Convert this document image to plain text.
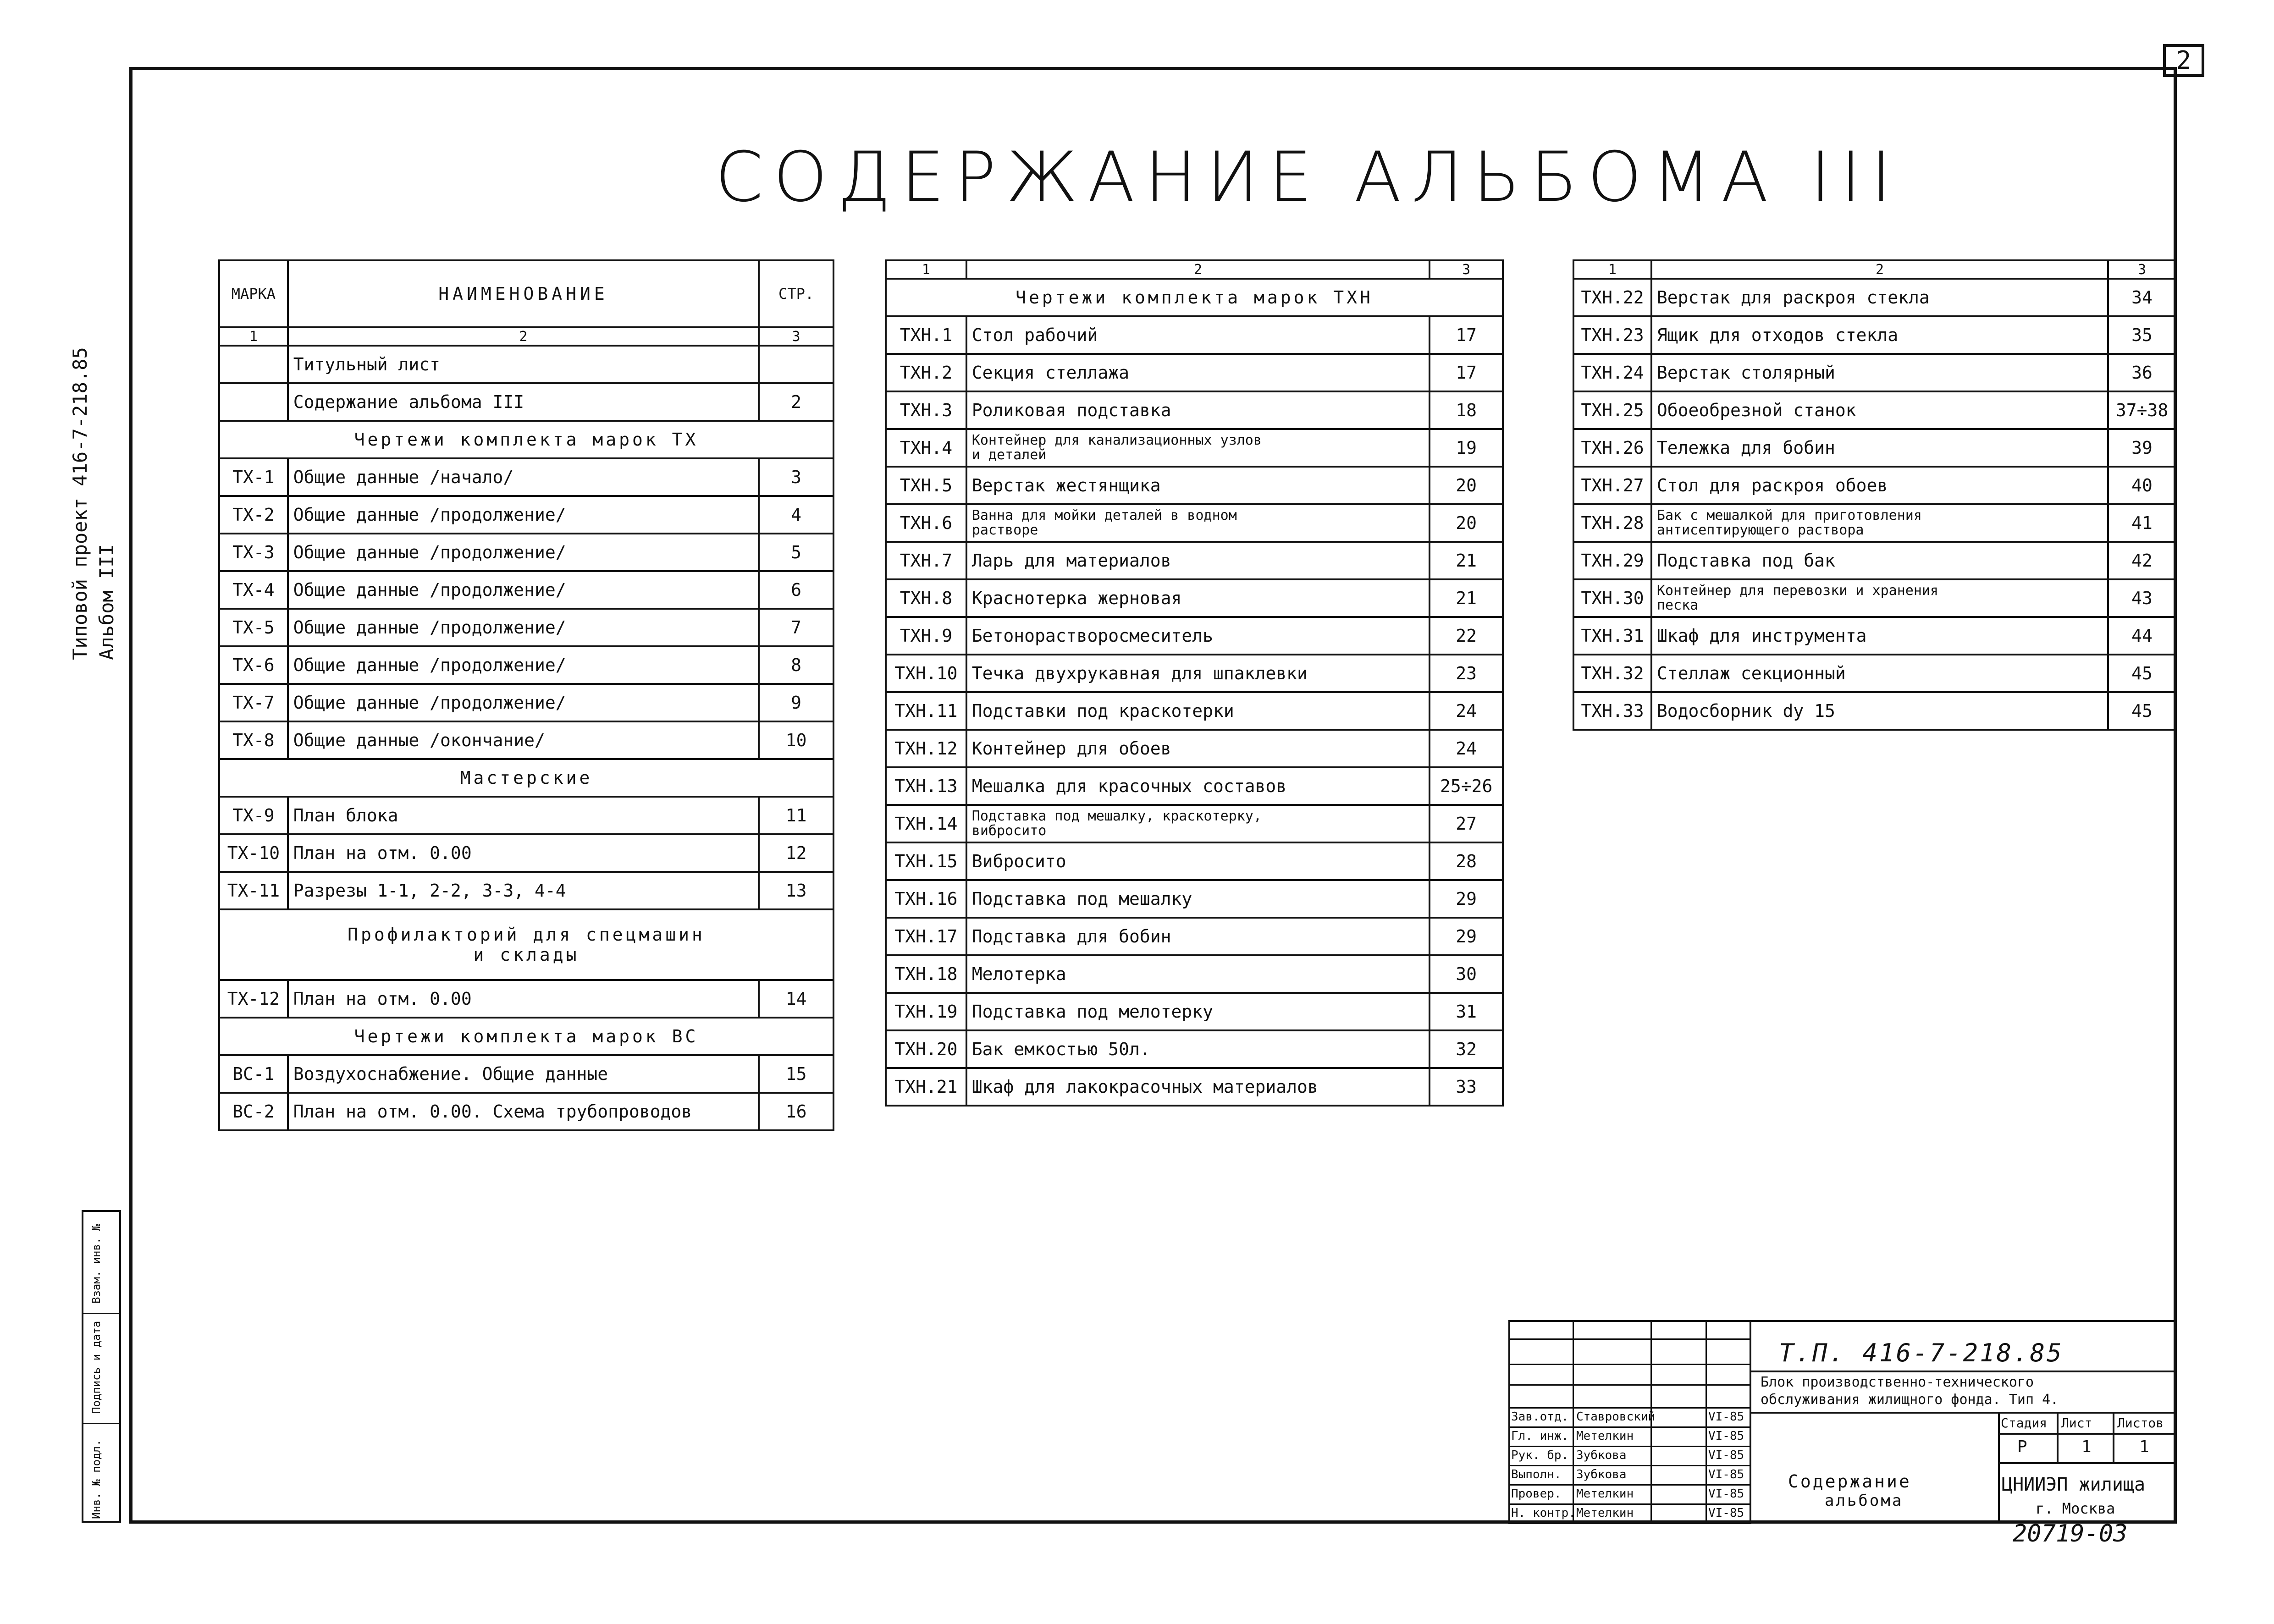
2
СОДЕРЖАНИЕ АЛЬБОМА III
Типовой проект 416-7-218.85 Альбом III
Взам. инв. №
Подпись и дата
Инв. № подл.
МАРКА	НАИМЕНОВАНИЕ	СТР.
1	2	3
	Титульный лист	
	Содержание альбома III	2

Чертежи комплекта марок ТХ		

ТХ-1	Общие данные /начало/	3
ТХ-2	Общие данные /продолжение/	4
ТХ-3	Общие данные /продолжение/	5
ТХ-4	Общие данные /продолжение/	6
ТХ-5	Общие данные /продолжение/	7
ТХ-6	Общие данные /продолжение/	8
ТХ-7	Общие данные /продолжение/	9
ТХ-8	Общие данные /окончание/	10

Мастерские		

ТХ-9	План блока	11
ТХ-10	План на отм. 0.00	12
ТХ-11	Разрезы 1-1, 2-2, 3-3, 4-4	13

Профилакторий для спецмашин
и склады		

ТХ-12	План на отм. 0.00	14

Чертежи комплекта марок ВС		

ВС-1	Воздухоснабжение. Общие данные	15
ВС-2	План на отм. 0.00. Схема трубопроводов	16
1	2	3

Чертежи комплекта марок ТХН		

ТХН.1	Стол рабочий	17
ТХН.2	Секция стеллажа	17
ТХН.3	Роликовая подставка	18
ТХН.4	Контейнер для канализационных узлов
и деталей	19
ТХН.5	Верстак жестянщика	20
ТХН.6	Ванна для мойки деталей в водном
растворе	20
ТХН.7	Ларь для материалов	21
ТХН.8	Краснотерка жерновая	21
ТХН.9	Бетонорастворосмеситель	22
ТХН.10	Течка двухрукавная для шпаклевки	23
ТХН.11	Подставки под краскотерки	24
ТХН.12	Контейнер для обоев	24
ТХН.13	Мешалка для красочных составов	25÷26
ТХН.14	Подставка под мешалку, краскотерку,
вибросито	27
ТХН.15	Вибросито	28
ТХН.16	Подставка под мешалку	29
ТХН.17	Подставка для бобин	29
ТХН.18	Мелотерка	30
ТХН.19	Подставка под мелотерку	31
ТХН.20	Бак емкостью 50л.	32
ТХН.21	Шкаф для лакокрасочных материалов	33
1	2	3
ТХН.22	Верстак для раскроя стекла	34
ТХН.23	Ящик для отходов стекла	35
ТХН.24	Верстак столярный	36
ТХН.25	Обоеобрезной станок	37÷38
ТХН.26	Тележка для бобин	39
ТХН.27	Стол для раскроя обоев	40
ТХН.28	Бак с мешалкой для приготовления
антисептирующего раствора	41
ТХН.29	Подставка под бак	42
ТХН.30	Контейнер для перевозки и хранения
песка	43
ТХН.31	Шкаф для инструмента	44
ТХН.32	Стеллаж секционный	45
ТХН.33	Водосборник dy 15	45
Зав.отд. Ставровский	VI-85
Гл. инж. Метелкин	VI-85
Рук. бр. Зубкова	VI-85
Выполн. Зубкова	VI-85
Провер. Метелкин	VI-85
Н. контр. Метелкин	VI-85
Блок производственно-технического
обслуживания жилищного фонда. Тип 4.
Стадия Лист Листов
Р	1	1
Содержание
альбома
ЦНИИЭП жилища
г. Москва
Т.П. 416-7-218.85
20719-03
